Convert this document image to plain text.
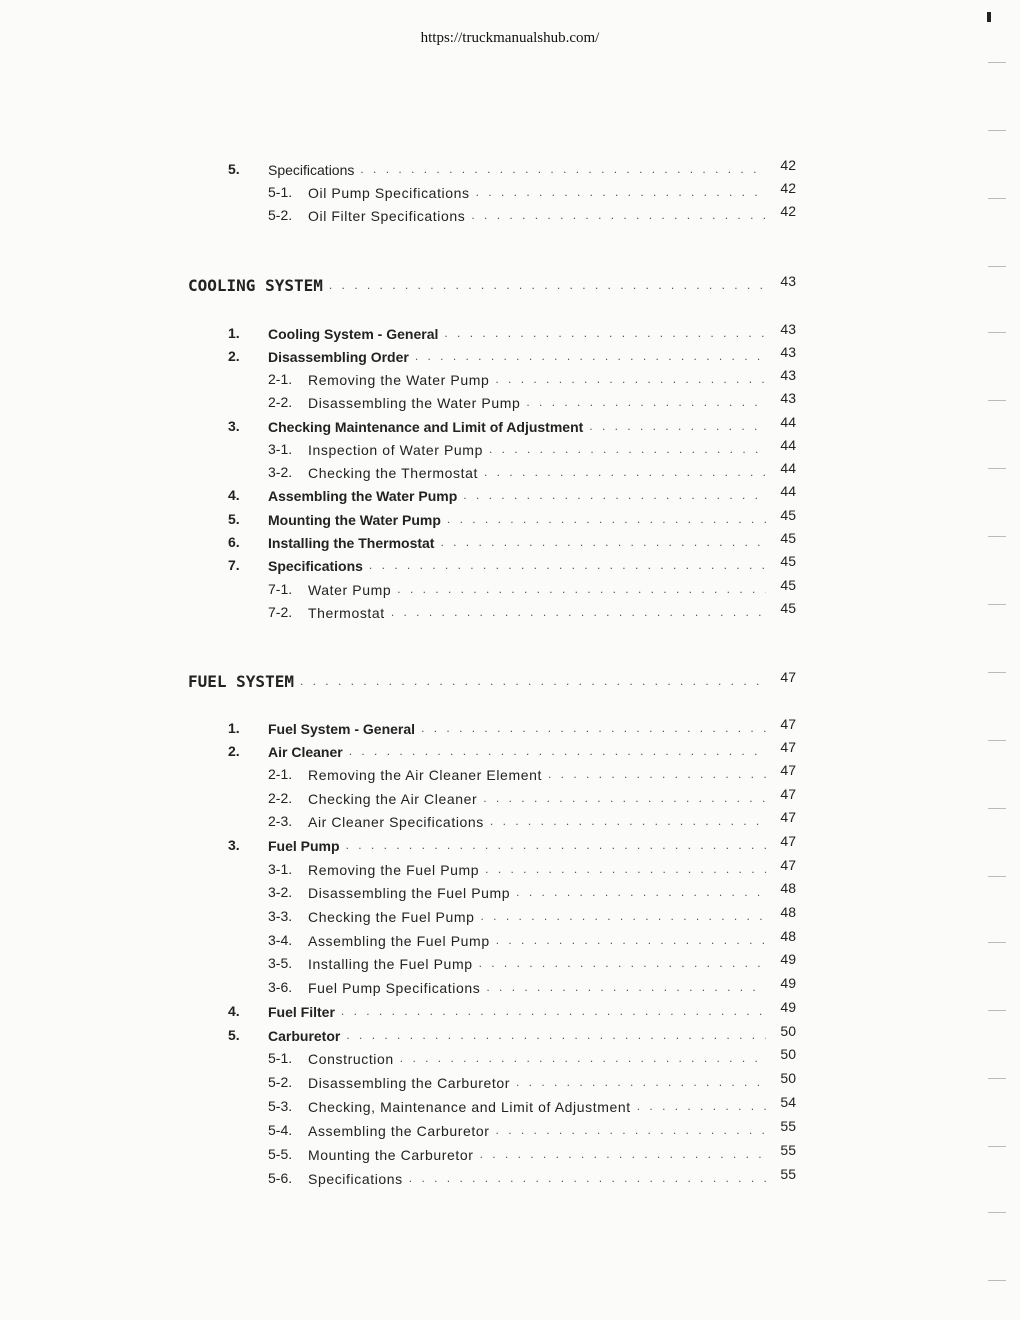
https://truckmanualshub.com/
5. Specifications . . .	42
5-1. Oil Pump Specifications . . .	42
5-2. Oil Filter Specifications . . .	42
COOLING SYSTEM . . .	43
1. Cooling System - General . . .	43
2. Disassembling Order . . .	43
2-1. Removing the Water Pump . . .	43
2-2. Disassembling the Water Pump . . .	43
3. Checking Maintenance and Limit of Adjustment . . .	44
3-1. Inspection of Water Pump . . .	44
3-2. Checking the Thermostat . . .	44
4. Assembling the Water Pump . . .	44
5. Mounting the Water Pump . . .	45
6. Installing the Thermostat . . .	45
7. Specifications . . .	45
7-1. Water Pump . . .	45
7-2. Thermostat . . .	45
FUEL SYSTEM . . .	47
1. Fuel System - General . . .	47
2. Air Cleaner . . .	47
2-1. Removing the Air Cleaner Element . . .	47
2-2. Checking the Air Cleaner . . .	47
2-3. Air Cleaner Specifications . . .	47
3. Fuel Pump . . .	47
3-1. Removing the Fuel Pump . . .	47
3-2. Disassembling the Fuel Pump . . .	48
3-3. Checking the Fuel Pump . . .	48
3-4. Assembling the Fuel Pump . . .	48
3-5. Installing the Fuel Pump . . .	49
3-6. Fuel Pump Specifications . . .	49
4. Fuel Filter . . .	49
5. Carburetor . . .	50
5-1. Construction . . .	50
5-2. Disassembling the Carburetor . . .	50
5-3. Checking, Maintenance and Limit of Adjustment . . .	54
5-4. Assembling the Carburetor . . .	55
5-5. Mounting the Carburetor . . .	55
5-6. Specifications . . .	55
